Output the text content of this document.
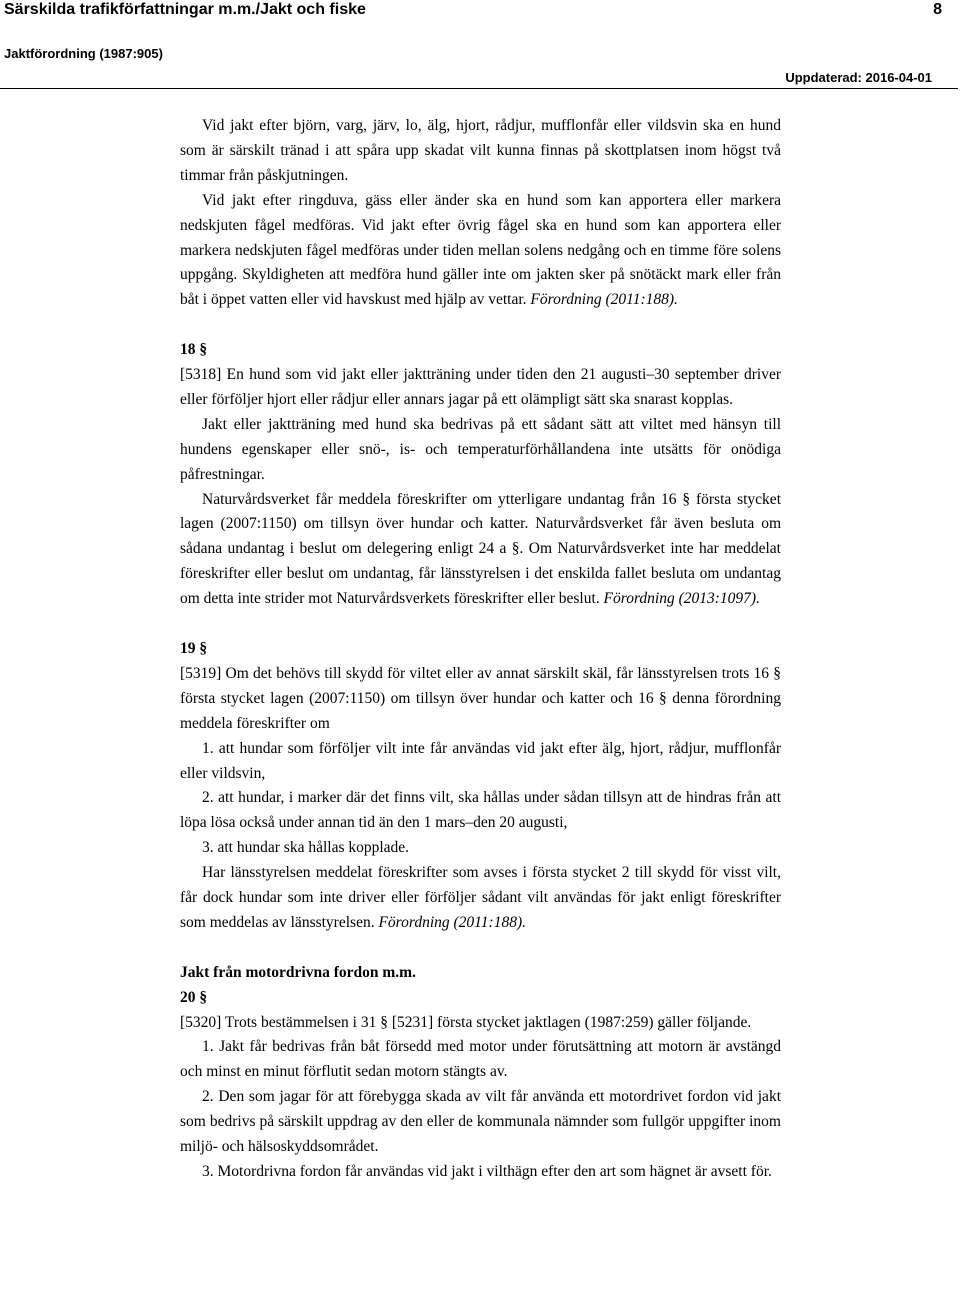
Särskilda trafikförfattningar m.m./Jakt och fiske	8
Jaktförordning (1987:905)
Uppdaterad: 2016-04-01

Vid jakt efter björn, varg, järv, lo, älg, hjort, rådjur, mufflonfår eller vildsvin ska en hund som är särskilt tränad i att spåra upp skadat vilt kunna finnas på skottplatsen inom högst två timmar från påskjutningen.

Vid jakt efter ringduva, gäss eller änder ska en hund som kan apportera eller markera nedskjuten fågel medföras. Vid jakt efter övrig fågel ska en hund som kan apportera eller markera nedskjuten fågel medföras under tiden mellan solens nedgång och en timme före solens uppgång. Skyldigheten att medföra hund gäller inte om jakten sker på snötäckt mark eller från båt i öppet vatten eller vid havskust med hjälp av vettar. Förordning (2011:188).

18 §

[5318] En hund som vid jakt eller jaktträning under tiden den 21 augusti–30 september driver eller förföljer hjort eller rådjur eller annars jagar på ett olämpligt sätt ska snarast kopplas.

Jakt eller jaktträning med hund ska bedrivas på ett sådant sätt att viltet med hänsyn till hundens egenskaper eller snö-, is- och temperaturförhållandena inte utsätts för onödiga påfrestningar.

Naturvårdsverket får meddela föreskrifter om ytterligare undantag från 16 § första stycket lagen (2007:1150) om tillsyn över hundar och katter. Naturvårdsverket får även besluta om sådana undantag i beslut om delegering enligt 24 a §. Om Naturvårdsverket inte har meddelat föreskrifter eller beslut om undantag, får länsstyrelsen i det enskilda fallet besluta om undantag om detta inte strider mot Naturvårdsverkets föreskrifter eller beslut. Förordning (2013:1097).

19 §

[5319] Om det behövs till skydd för viltet eller av annat särskilt skäl, får länsstyrelsen trots 16 § första stycket lagen (2007:1150) om tillsyn över hundar och katter och 16 § denna förordning meddela föreskrifter om

1. att hundar som förföljer vilt inte får användas vid jakt efter älg, hjort, rådjur, mufflonfår eller vildsvin,

2. att hundar, i marker där det finns vilt, ska hållas under sådan tillsyn att de hindras från att löpa lösa också under annan tid än den 1 mars–den 20 augusti,

3. att hundar ska hållas kopplade.

Har länsstyrelsen meddelat föreskrifter som avses i första stycket 2 till skydd för visst vilt, får dock hundar som inte driver eller förföljer sådant vilt användas för jakt enligt föreskrifter som meddelas av länsstyrelsen. Förordning (2011:188).

Jakt från motordrivna fordon m.m.
20 §

[5320] Trots bestämmelsen i 31 § [5231] första stycket jaktlagen (1987:259) gäller följande.

1. Jakt får bedrivas från båt försedd med motor under förutsättning att motorn är avstängd och minst en minut förflutit sedan motorn stängts av.

2. Den som jagar för att förebygga skada av vilt får använda ett motordrivet fordon vid jakt som bedrivs på särskilt uppdrag av den eller de kommunala nämnder som fullgör uppgifter inom miljö- och hälsoskyddsområdet.

3. Motordrivna fordon får användas vid jakt i vilthägn efter den art som hägnet är avsett för.
